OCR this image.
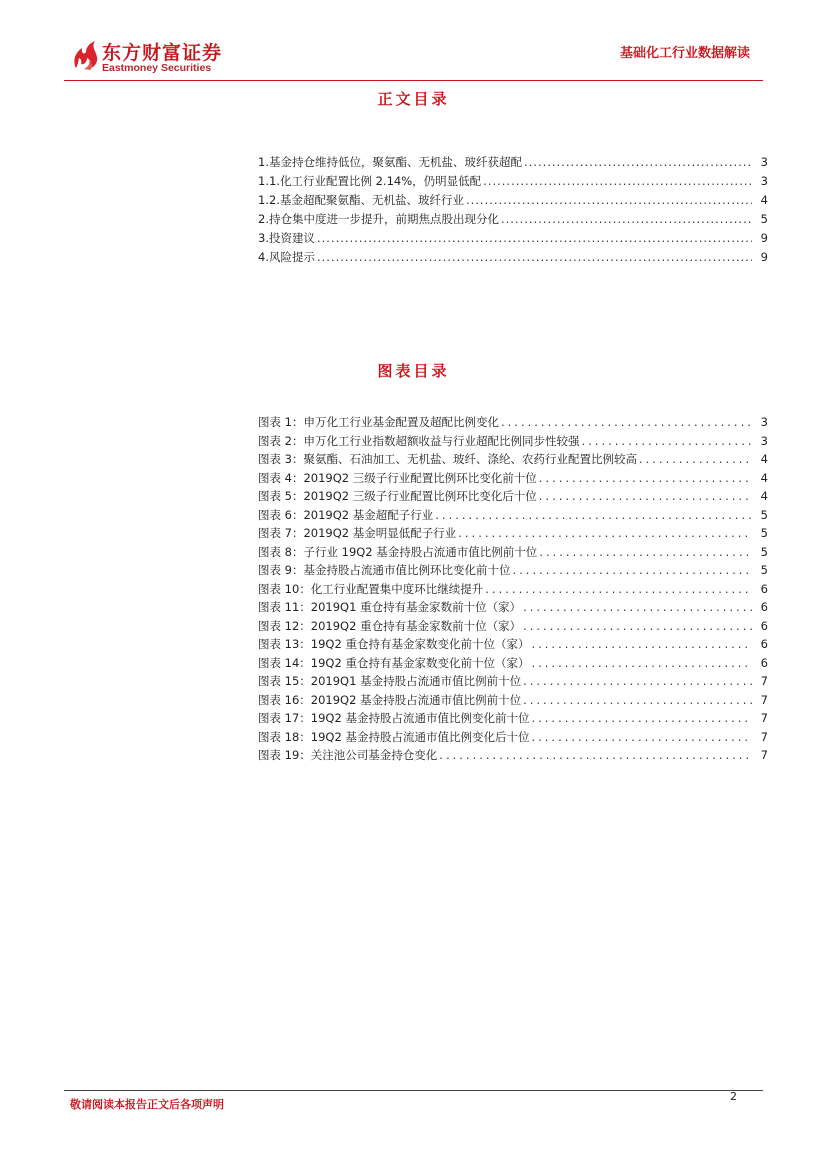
东方财富证券
Eastmoney Securities
基础化工行业数据解读
正文目录
1.基金持仓维持低位，聚氨酯、无机盐、玻纤获超配 .....	3
1.1.化工行业配置比例 2.14%，仍明显低配 .....	3
1.2.基金超配聚氨酯、无机盐、玻纤行业 .....	4
2.持仓集中度进一步提升，前期焦点股出现分化 .....	5
3.投资建议 .....	9
4.风险提示 .....	9
图表目录
图表 1：申万化工行业基金配置及超配比例变化 .....	3
图表 2：申万化工行业指数超额收益与行业超配比例同步性较强 .....	3
图表 3：聚氨酯、石油加工、无机盐、玻纤、涤纶、农药行业配置比例较高 .....	4
图表 4：2019Q2 三级子行业配置比例环比变化前十位 .....	4
图表 5：2019Q2 三级子行业配置比例环比变化后十位 .....	4
图表 6：2019Q2 基金超配子行业 .....	5
图表 7：2019Q2 基金明显低配子行业 .....	5
图表 8：子行业 19Q2 基金持股占流通市值比例前十位 .....	5
图表 9：基金持股占流通市值比例环比变化前十位 .....	5
图表 10：化工行业配置集中度环比继续提升 .....	6
图表 11：2019Q1 重仓持有基金家数前十位（家） .....	6
图表 12：2019Q2 重仓持有基金家数前十位（家） .....	6
图表 13：19Q2 重仓持有基金家数变化前十位（家） .....	6
图表 14：19Q2 重仓持有基金家数变化前十位（家） .....	6
图表 15：2019Q1 基金持股占流通市值比例前十位 .....	7
图表 16：2019Q2 基金持股占流通市值比例前十位 .....	7
图表 17：19Q2 基金持股占流通市值比例变化前十位 .....	7
图表 18：19Q2 基金持股占流通市值比例变化后十位 .....	7
图表 19：关注池公司基金持仓变化 .....	7
敬请阅读本报告正文后各项声明
2
